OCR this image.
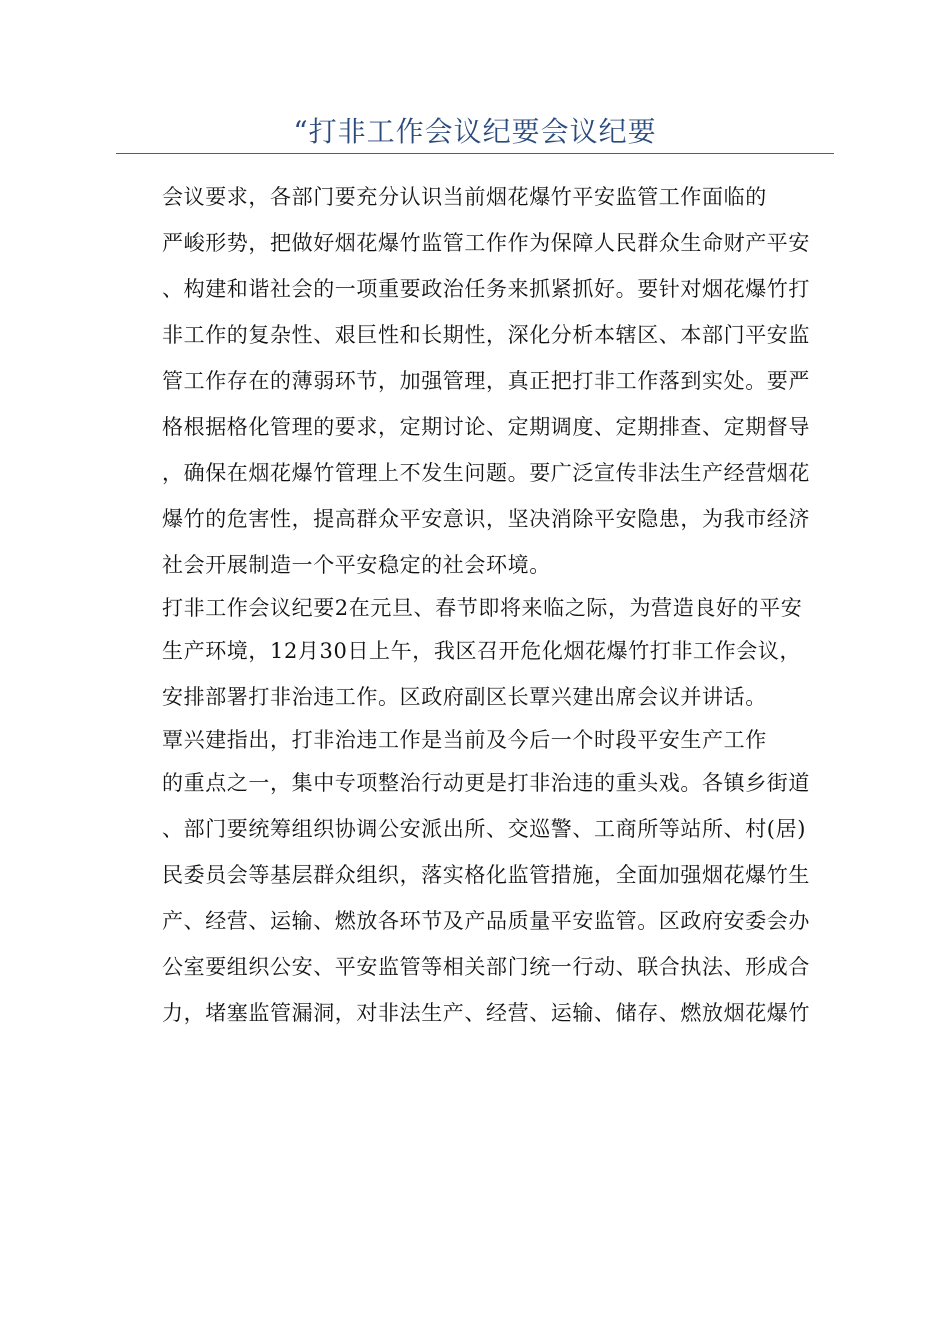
“打非工作会议纪要会议纪要
会议要求，各部门要充分认识当前烟花爆竹平安监管工作面临的
严峻形势，把做好烟花爆竹监管工作作为保障人民群众生命财产平安
、构建和谐社会的一项重要政治任务来抓紧抓好。要针对烟花爆竹打
非工作的复杂性、艰巨性和长期性，深化分析本辖区、本部门平安监
管工作存在的薄弱环节，加强管理，真正把打非工作落到实处。要严
格根据格化管理的要求，定期讨论、定期调度、定期排查、定期督导
，确保在烟花爆竹管理上不发生问题。要广泛宣传非法生产经营烟花
爆竹的危害性，提高群众平安意识，坚决消除平安隐患，为我市经济
社会开展制造一个平安稳定的社会环境。
打非工作会议纪要2在元旦、春节即将来临之际，为营造良好的平安
生产环境，12月30日上午，我区召开危化烟花爆竹打非工作会议，
安排部署打非治违工作。区政府副区长覃兴建出席会议并讲话。
覃兴建指出，打非治违工作是当前及今后一个时段平安生产工作
的重点之一，集中专项整治行动更是打非治违的重头戏。各镇乡街道
、部门要统筹组织协调公安派出所、交巡警、工商所等站所、村(居)
民委员会等基层群众组织，落实格化监管措施，全面加强烟花爆竹生
产、经营、运输、燃放各环节及产品质量平安监管。区政府安委会办
公室要组织公安、平安监管等相关部门统一行动、联合执法、形成合
力，堵塞监管漏洞，对非法生产、经营、运输、储存、燃放烟花爆竹
